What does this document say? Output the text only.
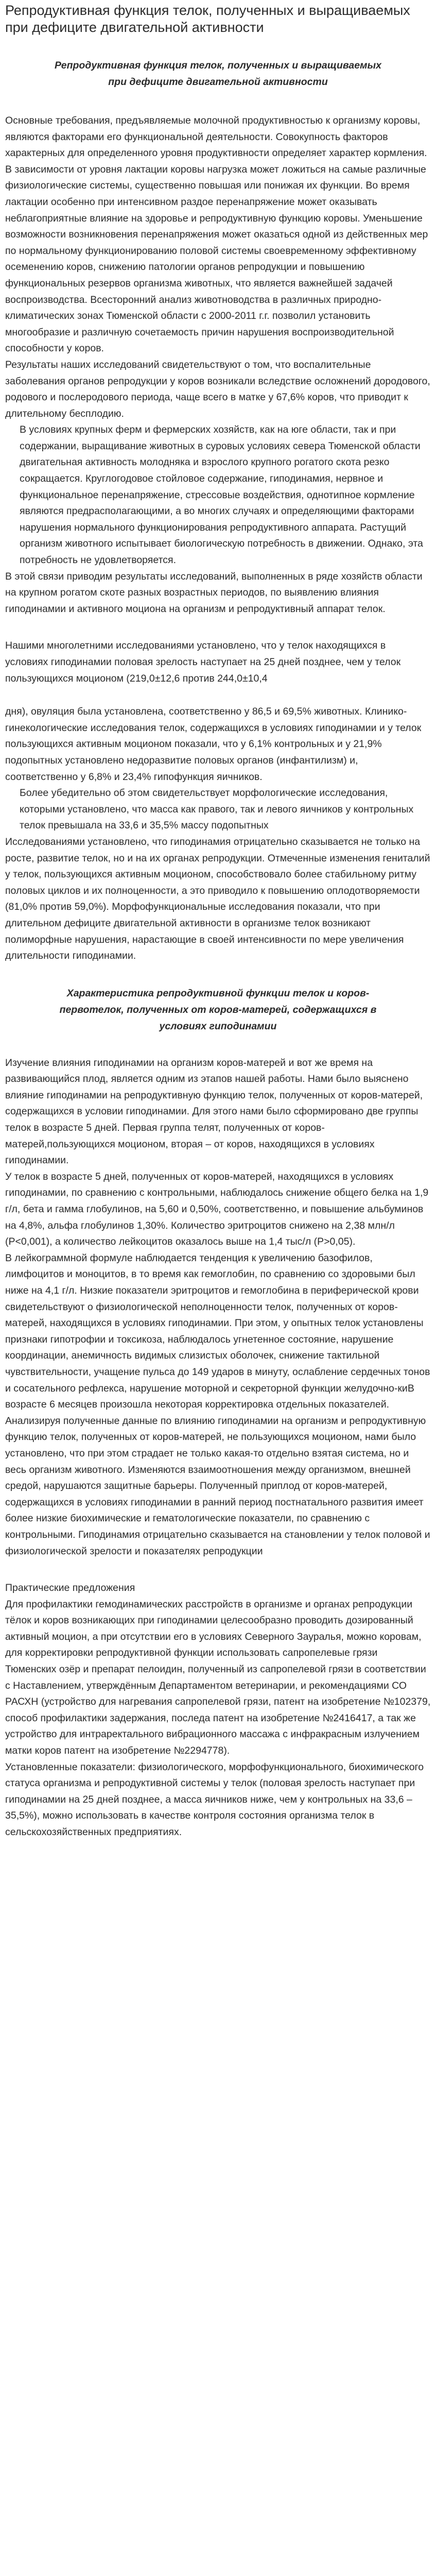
Репродуктивная функция телок, полученных и выращиваемых при дефиците двигательной активности
Репродуктивная функция телок, полученных и выращиваемых при дефиците двигательной активности

Основные требования, предъявляемые молочной продуктивностью к организму коровы, являются факторами его функциональной деятельности. Совокупность факторов характерных для определенного уровня продуктивности определяет характер кормления. В зависимости от уровня лактации коровы нагрузка может ложиться на самые различные физиологические системы, существенно повышая или понижая их функции. Во время лактации особенно при интенсивном раздое перенапряжение может оказывать неблагоприятные влияние на здоровье и репродуктивную функцию коровы. Уменьшение возможности возникновения перенапряжения может оказаться одной из действенных мер по нормальному функционированию половой системы своевременному эффективному осеменению коров, снижению патологии органов репродукции и повышению функциональных резервов организма животных, что является важнейшей задачей воспроизводства. Всесторонний анализ животноводства в различных природно-климатических зонах Тюменской области с 2000-2011 г.г. позволил установить многообразие и различную сочетаемость причин нарушения воспроизводительной способности у коров.

Результаты наших исследований свидетельствуют о том, что воспалительные заболевания органов репродукции у коров возникали вследствие осложнений дородового, родового и послеродового периода, чаще всего в матке у 67,6% коров, что приводит к длительному бесплодию.

В условиях крупных ферм и фермерских хозяйств, как на юге области, так и при содержании, выращивание животных в суровых условиях севера Тюменской области двигательная активность молодняка и взрослого крупного рогатого скота резко сокращается. Круглогодовое стойловое содержание, гиподинамия, нервное и функциональное перенапряжение, стрессовые воздействия, однотипное кормление являются предрасполагающими, а во многих случаях и определяющими факторами нарушения нормального функционирования репродуктивного аппарата. Растущий организм животного испытывает биологическую потребность в движении. Однако, эта потребность не удовлетворяется.

В этой связи приводим результаты исследований, выполненных в ряде хозяйств области на крупном рогатом скоте разных возрастных периодов, по выявлению влияния гиподинамии и активного моциона на организм и репродуктивный аппарат телок.

Нашими многолетними исследованиями установлено, что у телок находящихся в условиях гиподинамии половая зрелость наступает на 25 дней позднее, чем у телок пользующихся моционом (219,0±12,6 против 244,0±10,4

дня), овуляция была установлена, соответственно у 86,5 и 69,5% животных. Клинико-гинекологические исследования телок, содержащихся в условиях гиподинамии и у телок пользующихся активным моционом показали, что у 6,1% контрольных и у 21,9% подопытных установлено недоразвитие половых органов (инфантилизм) и, соответственно у 6,8% и 23,4% гипофункция яичников.

Более убедительно об этом свидетельствует морфологические исследования, которыми установлено, что масса как правого, так и левого яичников у контрольных телок превышала на 33,6 и 35,5% массу подопытных

Исследованиями установлено, что гиподинамия отрицательно сказывается не только на росте, развитие телок, но и на их органах репродукции. Отмеченные изменения гениталий у телок, пользующихся активным моционом, способствовало более стабильному ритму половых циклов и их полноценности, а это приводило к повышению оплодотворяемости (81,0% против 59,0%). Морфофункциональные исследования показали, что при длительном дефиците двигательной активности в организме телок возникают полиморфные нарушения, нарастающие в своей интенсивности по мере увеличения длительности гиподинамии.

Характеристика репродуктивной функции телок и коров-первотелок, полученных от коров-матерей, содержащихся в условиях гиподинамии

Изучение влияния гиподинамии на организм коров-матерей и вот же время на развивающийся плод, является одним из этапов нашей работы. Нами было выяснено влияние гиподинамии на репродуктивную функцию телок, полученных от коров-матерей, содержащихся в условии гиподинамии. Для этого нами было сформировано две группы телок в возрасте 5 дней. Первая группа телят, полученных от коров-матерей,пользующихся моционом, вторая – от коров, находящихся в условиях гиподинамии.

У телок в возрасте 5 дней, полученных от коров-матерей, находящихся в условиях гиподинамии, по сравнению с контрольными, наблюдалось снижение общего белка на 1,9 г/л, бета и гамма глобулинов, на 5,60 и 0,50%, соответственно, и повышение альбуминов на 4,8%, альфа глобулинов 1,30%. Количество эритроцитов снижено на 2,38 млн/л (P<0,001), а количество лейкоцитов оказалось выше на 1,4 тыс/л (P>0,05).

В лейкограммной формуле наблюдается тенденция к увеличению базофилов, лимфоцитов и моноцитов, в то время как гемоглобин, по сравнению со здоровыми был ниже на 4,1 г/л. Низкие показатели эритроцитов и гемоглобина в периферической крови свидетельствуют о физиологической неполноценности телок, полученных от коров-матерей, находящихся в условиях гиподинамии. При этом, у опытных телок установлены признаки гипотрофии и токсикоза, наблюдалось угнетенное состояние, нарушение координации, анемичность видимых слизистых оболочек, снижение тактильной чувствительности, учащение пульса до 149 ударов в минуту, ослабление сердечных тонов и сосательного рефлекса, нарушение моторной и секреторной функции желудочно-киВ возрасте 6 месяцев произошла некоторая корректировка отдельных показателей.

Анализируя полученные данные по влиянию гиподинамии на организм и репродуктивную функцию телок, полученных от коров-матерей, не пользующихся моционом, нами было установлено, что при этом страдает не только какая-то отдельно взятая система, но и весь организм животного. Изменяются взаимоотношения между организмом, внешней средой, нарушаются защитные барьеры. Полученный приплод от коров-матерей, содержащихся в условиях гиподинамии в ранний период постнатального развития имеет более низкие биохимические и гематологические показатели, по сравнению с контрольными. Гиподинамия отрицательно сказывается на становлении у телок половой и физиологической зрелости и показателях репродукции

Практические предложения

Для профилактики гемодинамических расстройств в организме и органах репродукции тёлок и коров возникающих при гиподинамии целесообразно проводить дозированный активный моцион, а при отсутствии его в условиях Северного Зауралья, можно коровам, для корректировки репродуктивной функции использовать сапропелевые грязи Тюменских озёр и препарат пелоидин, полученный из сапропелевой грязи в соответствии с Наставлением, утверждённым Департаментом ветеринарии, и рекомендациями СО РАСХН (устройство для нагревания сапропелевой грязи, патент на изобретение №102379, способ профилактики задержания, последа патент на изобретение №2416417, а так же устройство для интраректального вибрационного массажа с инфракрасным излучением матки коров патент на изобретение №2294778).

Установленные показатели: физиологического, морфофункционального, биохимического статуса организма и репродуктивной системы у телок (половая зрелость наступает при гиподинамии на 25 дней позднее, а масса яичников ниже, чем у контрольных на 33,6 – 35,5%), можно использовать в качестве контроля состояния организма телок в сельскохозяйственных предприятиях.
